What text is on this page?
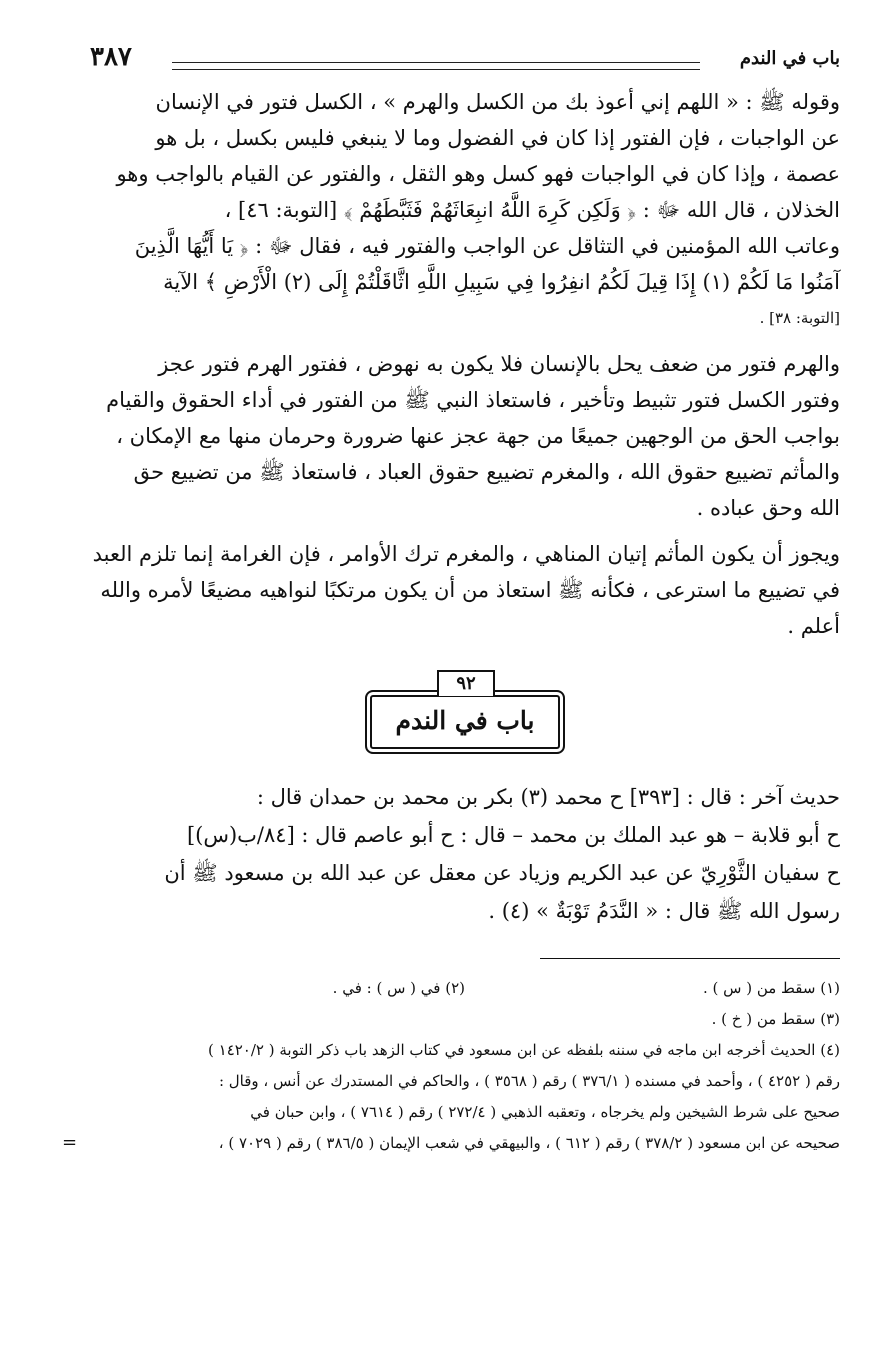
باب في الندم
٣٨٧
وقوله ﷺ : « اللهم إني أعوذ بك من الكسل والهرم » ، الكسل فتور في الإنسان
عن الواجبات ، فإن الفتور إذا كان في الفضول وما لا ينبغي فليس بكسل ، بل هو
عصمة ، وإذا كان في الواجبات فهو كسل وهو الثقل ، والفتور عن القيام بالواجب وهو
الخذلان ، قال الله ﷻ : ﴿ وَلَكِن كَرِهَ اللَّهُ انبِعَاثَهُمْ فَثَبَّطَهُمْ ﴾ [التوبة: ٤٦] ،
وعاتب الله المؤمنين في التثاقل عن الواجب والفتور فيه ، فقال ﷻ : ﴿ يَا أَيُّهَا الَّذِينَ
آمَنُوا مَا لَكُمْ (١) إِذَا قِيلَ لَكُمُ انفِرُوا فِي سَبِيلِ اللَّهِ اثَّاقَلْتُمْ إِلَى (٢) الْأَرْضِ ﴾ الآية
[التوبة: ٣٨] .
والهرم فتور من ضعف يحل بالإنسان فلا يكون به نهوض ، ففتور الهرم فتور عجز
وفتور الكسل فتور تثبيط وتأخير ، فاستعاذ النبي ﷺ من الفتور في أداء الحقوق والقيام
بواجب الحق من الوجهين جميعًا من جهة عجز عنها ضرورة وحرمان منها مع الإمكان ،
والمأثم تضييع حقوق الله ، والمغرم تضييع حقوق العباد ، فاستعاذ ﷺ من تضييع حق
الله وحق عباده .
ويجوز أن يكون المأثم إتيان المناهي ، والمغرم ترك الأوامر ، فإن الغرامة إنما تلزم العبد
في تضييع ما استرعى ، فكأنه ﷺ استعاذ من أن يكون مرتكبًا لنواهيه مضيعًا لأمره والله
أعلم .
٩٢
باب في الندم
حديث آخر : قال : [٣٩٣] ح محمد (٣) بكر بن محمد بن حمدان قال :
ح أبو قلابة – هو عبد الملك بن محمد – قال : ح أبو عاصم قال : [٨٤/ب(س)]
ح سفيان الثَّوْرِيّ عن عبد الكريم وزياد عن معقل عن عبد الله بن مسعود ﷺ أن
رسول الله ﷺ قال : « النَّدَمُ تَوْبَةٌ » (٤) .
(١) سقط من ( س ) .
(٢) في ( س ) : في .
(٣) سقط من ( خ ) .
(٤) الحديث أخرجه ابن ماجه في سننه بلفظه عن ابن مسعود في كتاب الزهد باب ذكر التوبة ( ١٤٢٠/٢ )
رقم ( ٤٢٥٢ ) ، وأحمد في مسنده ( ٣٧٦/١ ) رقم ( ٣٥٦٨ ) ، والحاكم في المستدرك عن أنس ، وقال :
صحيح على شرط الشيخين ولم يخرجاه ، وتعقبه الذهبي ( ٢٧٢/٤ ) رقم ( ٧٦١٤ ) ، وابن حبان في
صحيحه عن ابن مسعود ( ٣٧٨/٢ ) رقم ( ٦١٢ ) ، والبيهقي في شعب الإيمان ( ٣٨٦/٥ ) رقم ( ٧٠٢٩ ) ،
=
